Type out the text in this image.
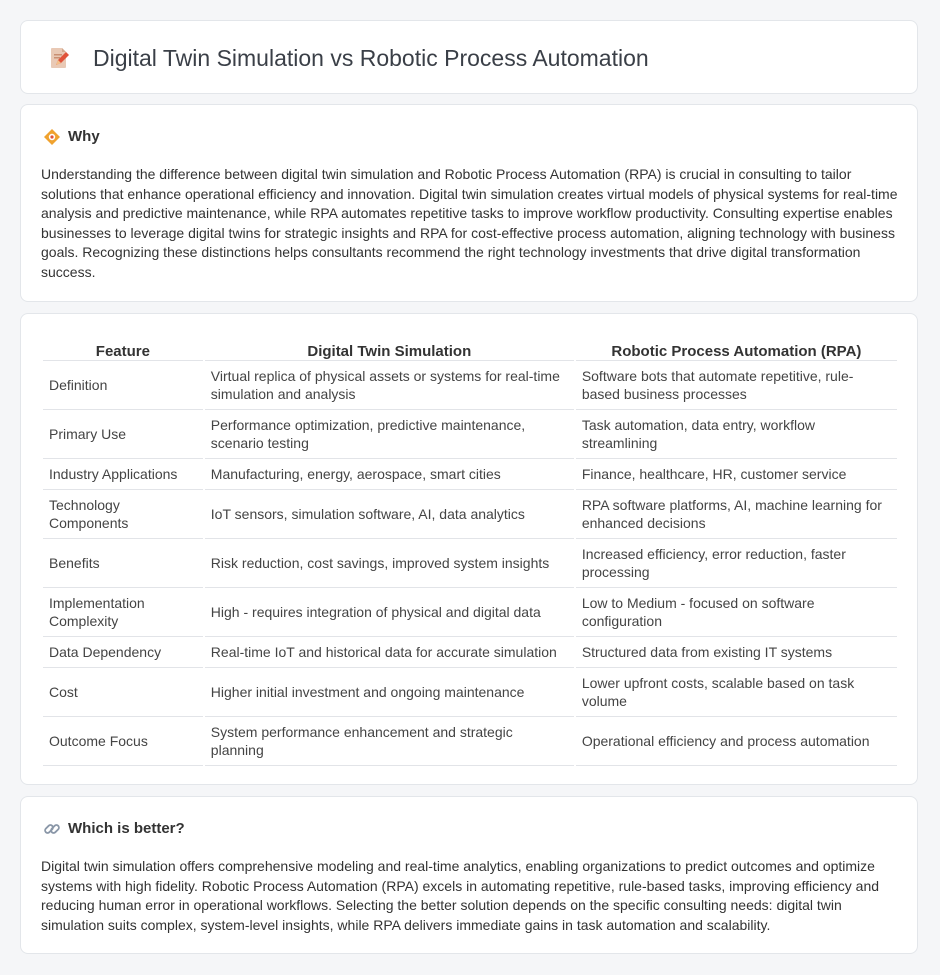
Digital Twin Simulation vs Robotic Process Automation
Why

Understanding the difference between digital twin simulation and Robotic Process Automation (RPA) is crucial in consulting to tailor solutions that enhance operational efficiency and innovation. Digital twin simulation creates virtual models of physical systems for real-time analysis and predictive maintenance, while RPA automates repetitive tasks to improve workflow productivity. Consulting expertise enables businesses to leverage digital twins for strategic insights and RPA for cost-effective process automation, aligning technology with business goals. Recognizing these distinctions helps consultants recommend the right technology investments that drive digital transformation success.

Feature	Digital Twin Simulation	Robotic Process Automation (RPA)
Definition	Virtual replica of physical assets or systems for real-time simulation and analysis	Software bots that automate repetitive, rule-based business processes
Primary Use	Performance optimization, predictive maintenance, scenario testing	Task automation, data entry, workflow streamlining
Industry Applications	Manufacturing, energy, aerospace, smart cities	Finance, healthcare, HR, customer service
Technology Components	IoT sensors, simulation software, AI, data analytics	RPA software platforms, AI, machine learning for enhanced decisions
Benefits	Risk reduction, cost savings, improved system insights	Increased efficiency, error reduction, faster processing
Implementation Complexity	High - requires integration of physical and digital data	Low to Medium - focused on software configuration
Data Dependency	Real-time IoT and historical data for accurate simulation	Structured data from existing IT systems
Cost	Higher initial investment and ongoing maintenance	Lower upfront costs, scalable based on task volume
Outcome Focus	System performance enhancement and strategic planning	Operational efficiency and process automation
Which is better?

Digital twin simulation offers comprehensive modeling and real-time analytics, enabling organizations to predict outcomes and optimize systems with high fidelity. Robotic Process Automation (RPA) excels in automating repetitive, rule-based tasks, improving efficiency and reducing human error in operational workflows. Selecting the better solution depends on the specific consulting needs: digital twin simulation suits complex, system-level insights, while RPA delivers immediate gains in task automation and scalability.
